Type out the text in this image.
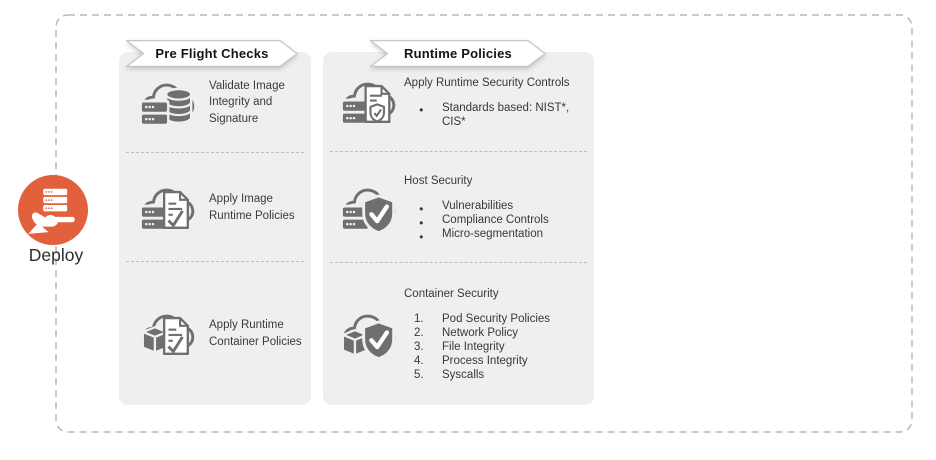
Deploy
Validate Image Integrity and Signature
Apply Image Runtime Policies
Apply Runtime Container Policies
Apply Runtime Security Controls
● Standards based: NIST*, CIS*
Host Security
● Vulnerabilities
● Compliance Controls
● Micro-segmentation
Container Security
Pod Security Policies
Network Policy
File Integrity
Process Integrity
Syscalls
Pre Flight Checks	Runtime Policies
